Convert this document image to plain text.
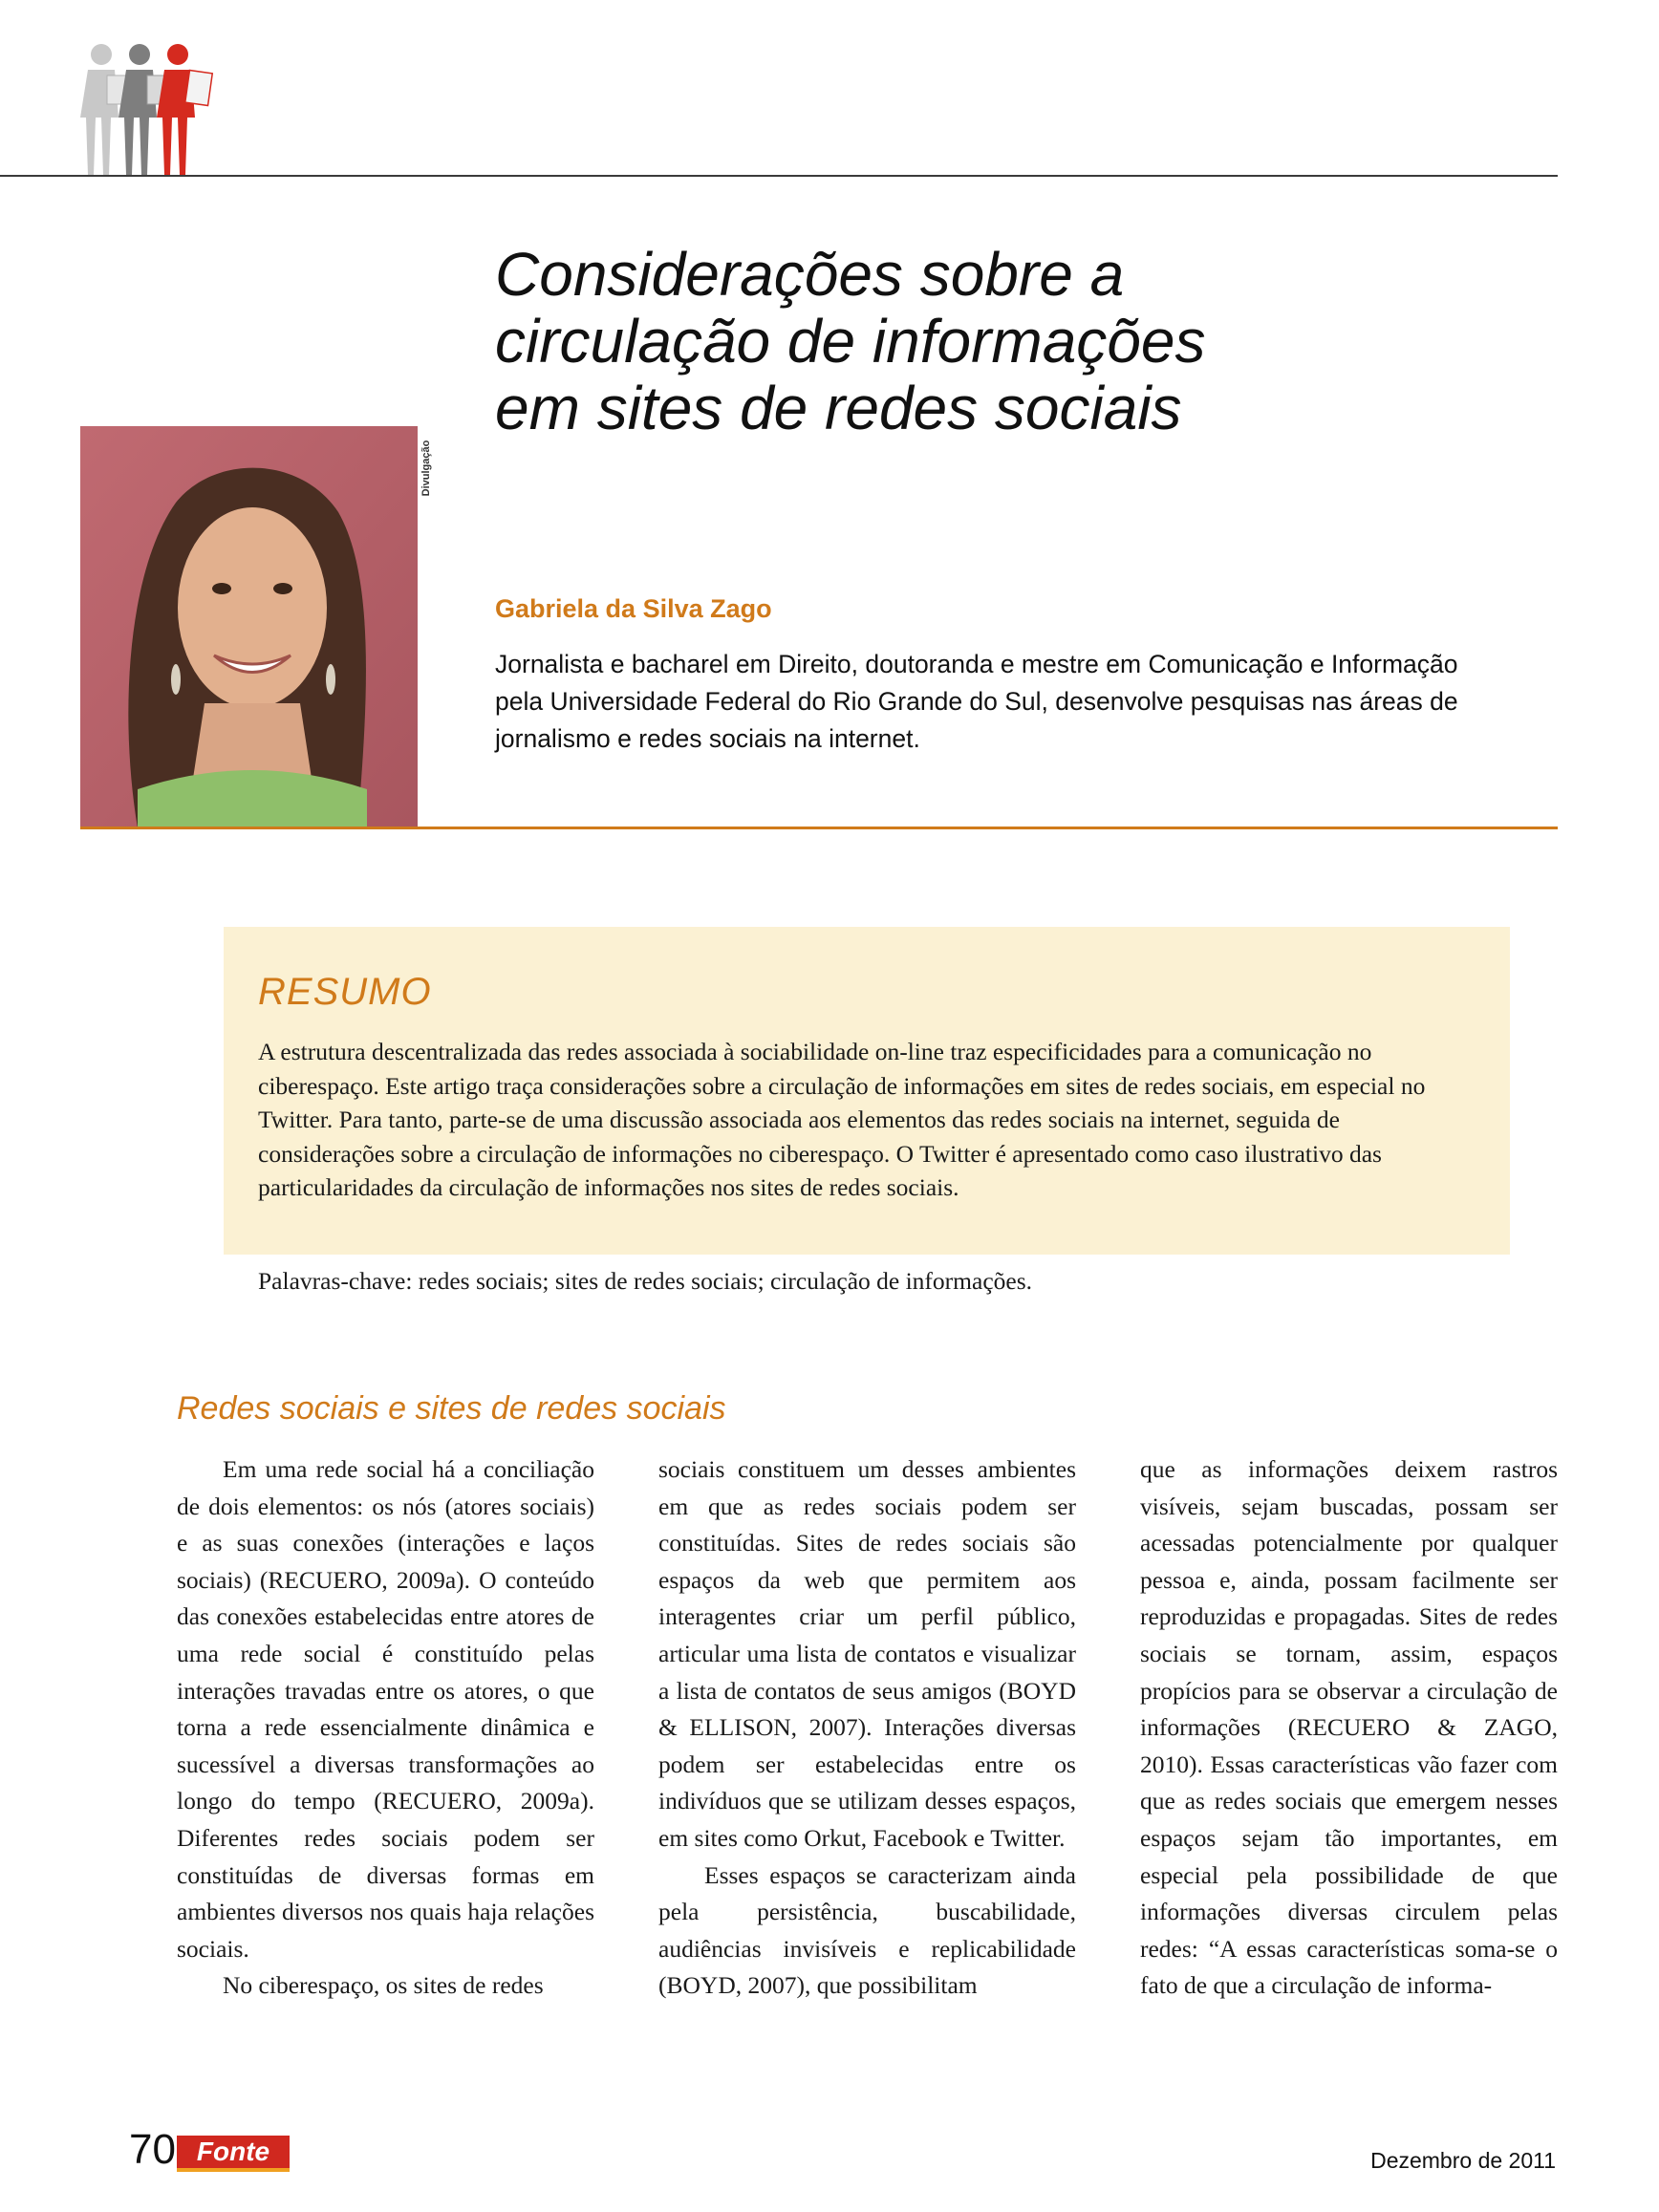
Considerações sobre a
circulação de informações
em sites de redes sociais
Divulgação
Gabriela da Silva Zago
Jornalista e bacharel em Direito, doutoranda e mestre em Comunicação e Informação pela Universidade Federal do Rio Grande do Sul, desenvolve pesquisas nas áreas de jornalismo e redes sociais na internet.
RESUMO
A estrutura descentralizada das redes associada à sociabilidade on-line traz especificidades para a comunicação no ciberespaço. Este artigo traça considerações sobre a circulação de informações em sites de redes sociais, em especial no Twitter. Para tanto, parte-se de uma discussão associada aos elementos das redes sociais na internet, seguida de considerações sobre a circulação de informações no ciberespaço. O Twitter é apresentado como caso ilustrativo das particularidades da circulação de informações nos sites de redes sociais.
Palavras-chave: redes sociais; sites de redes sociais; circulação de informações.
Redes sociais e sites de redes sociais

Em uma rede social há a conciliação de dois elementos: os nós (atores sociais) e as suas conexões (interações e laços sociais) (RECUERO, 2009a). O conteúdo das conexões estabelecidas entre atores de uma rede social é constituído pelas interações travadas entre os atores, o que torna a rede essencialmente dinâmica e sucessível a diversas transformações ao longo do tempo (RECUERO, 2009a). Diferentes redes sociais podem ser constituídas de diversas formas em ambientes diversos nos quais haja relações sociais.

No ciberespaço, os sites de redes

sociais constituem um desses ambientes em que as redes sociais podem ser constituídas. Sites de redes sociais são espaços da web que permitem aos interagentes criar um perfil público, articular uma lista de contatos e visualizar a lista de contatos de seus amigos (BOYD & ELLISON, 2007). Interações diversas podem ser estabelecidas entre os indivíduos que se utilizam desses espaços, em sites como Orkut, Facebook e Twitter.

Esses espaços se caracterizam ainda pela persistência, buscabilidade, audiências invisíveis e replicabilidade (BOYD, 2007), que possibilitam

que as informações deixem rastros visíveis, sejam buscadas, possam ser acessadas potencialmente por qualquer pessoa e, ainda, possam facilmente ser reproduzidas e propagadas. Sites de redes sociais se tornam, assim, espaços propícios para se observar a circulação de informações (RECUERO & ZAGO, 2010). Essas características vão fazer com que as redes sociais que emergem nesses espaços sejam tão importantes, em especial pela possibilidade de que informações diversas circulem pelas redes: “A essas características soma-se o fato de que a circulação de informa-

70 Fonte	Dezembro de 2011
